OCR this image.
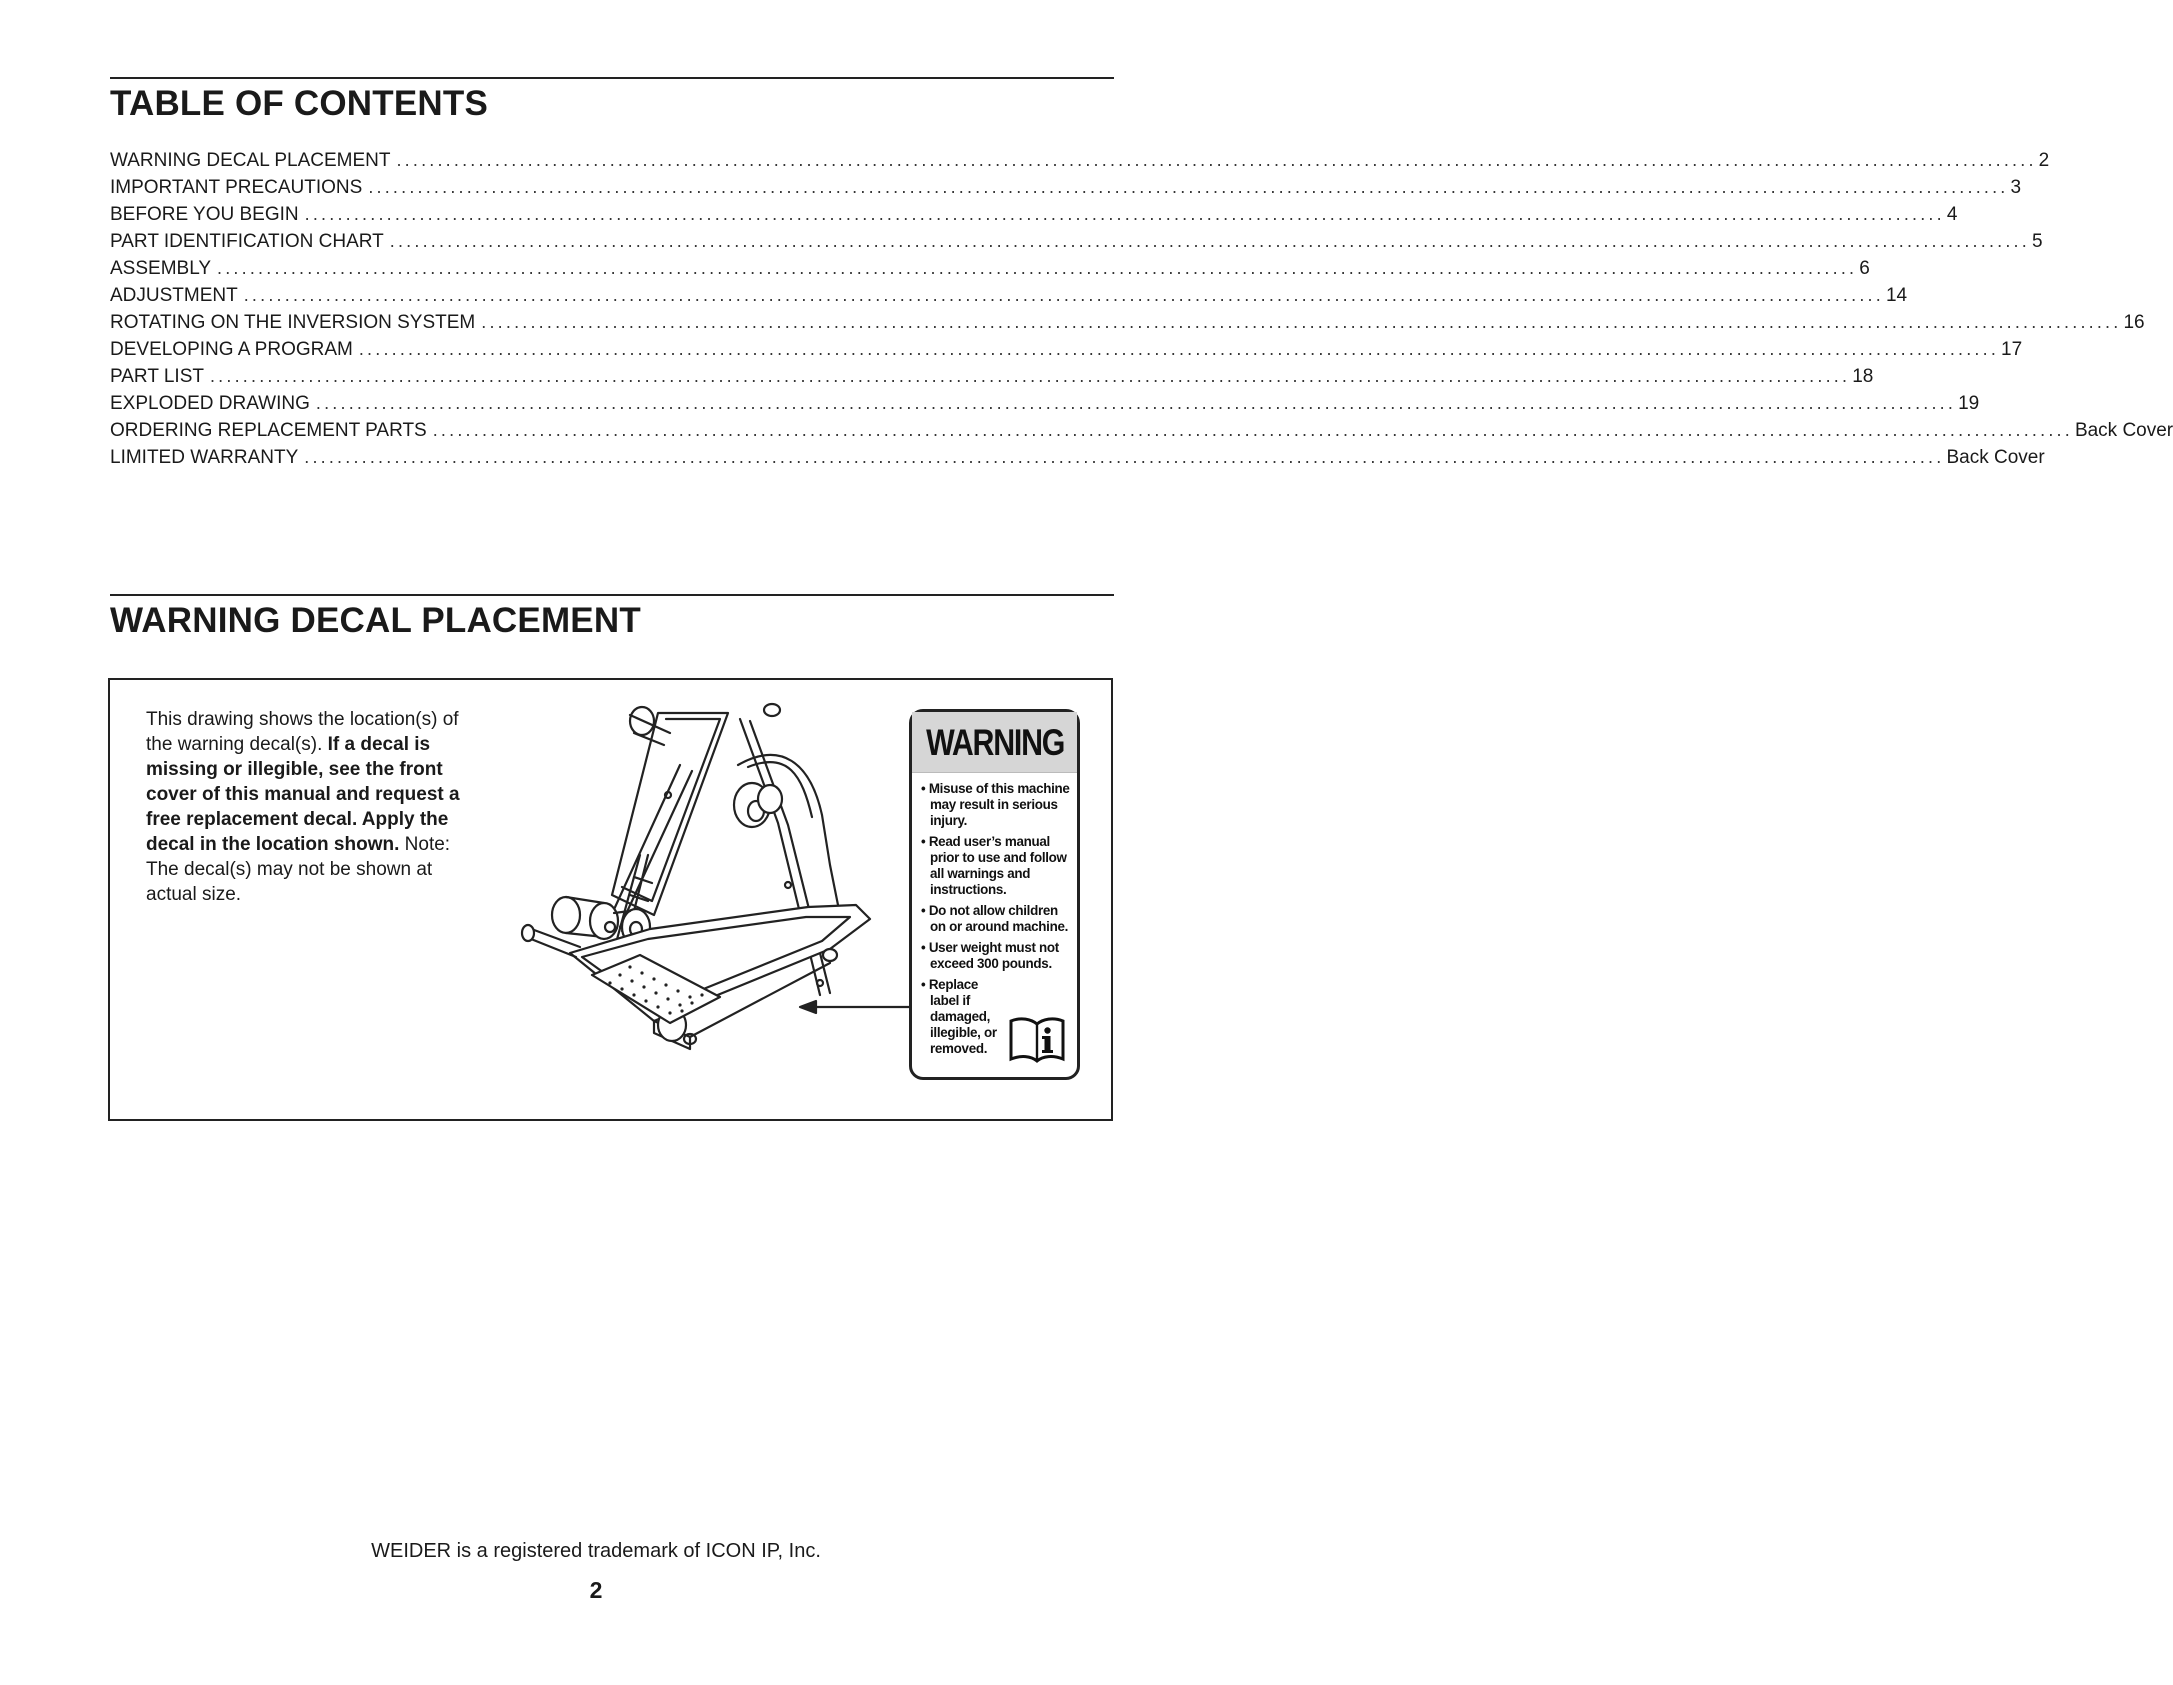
TABLE OF CONTENTS
WARNING DECAL PLACEMENT ........................................................................................................................................................................................................ 2
IMPORTANT PRECAUTIONS ........................................................................................................................................................................................................ 3
BEFORE YOU BEGIN ........................................................................................................................................................................................................ 4
PART IDENTIFICATION CHART ........................................................................................................................................................................................................ 5
ASSEMBLY ........................................................................................................................................................................................................ 6
ADJUSTMENT ........................................................................................................................................................................................................ 14
ROTATING ON THE INVERSION SYSTEM ........................................................................................................................................................................................................ 16
DEVELOPING A PROGRAM ........................................................................................................................................................................................................ 17
PART LIST ........................................................................................................................................................................................................ 18
EXPLODED DRAWING ........................................................................................................................................................................................................ 19
ORDERING REPLACEMENT PARTS ........................................................................................................................................................................................................ Back Cover
LIMITED WARRANTY ........................................................................................................................................................................................................ Back Cover
WARNING DECAL PLACEMENT
This drawing shows the location(s) of the warning decal(s). If a decal is missing or illegible, see the front cover of this manual and request a free replacement decal. Apply the decal in the location shown. Note: The decal(s) may not be shown at actual size.
WARNING
• Misuse of this machine may result in serious injury.
• Read user’s manual prior to use and follow all warnings and instructions.
• Do not allow children on or around machine.
• User weight must not exceed 300 pounds.
• Replace label if damaged, illegible, or removed.
WEIDER is a registered trademark of ICON IP, Inc.
2
